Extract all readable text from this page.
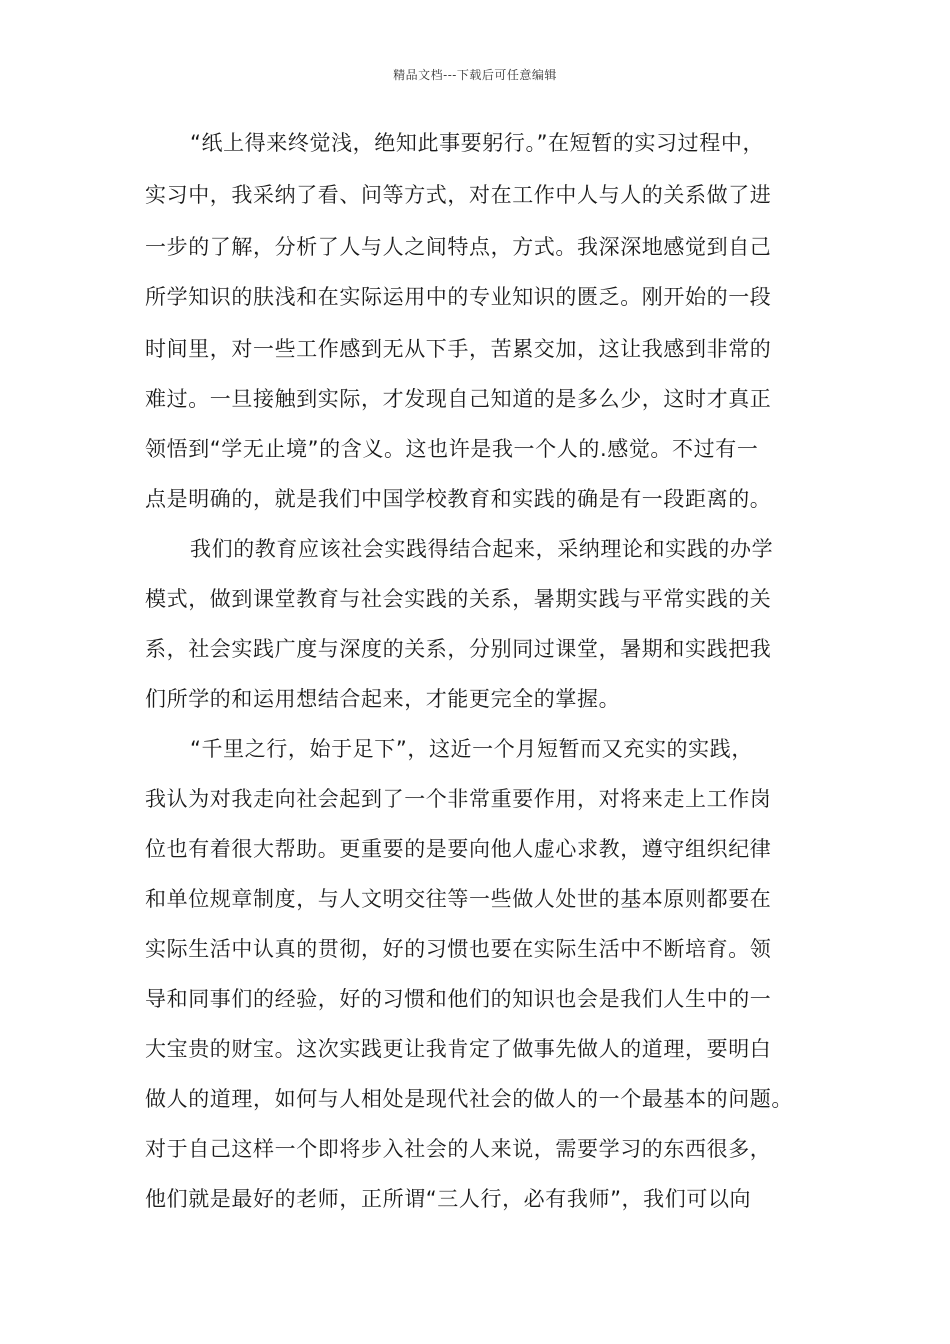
精品文档---下载后可任意编辑
“纸上得来终觉浅，绝知此事要躬行。”在短暂的实习过程中，
实习中，我采纳了看、问等方式，对在工作中人与人的关系做了进
一步的了解，分析了人与人之间特点，方式。我深深地感觉到自己
所学知识的肤浅和在实际运用中的专业知识的匮乏。刚开始的一段
时间里，对一些工作感到无从下手，苦累交加，这让我感到非常的
难过。一旦接触到实际，才发现自己知道的是多么少，这时才真正
领悟到“学无止境”的含义。这也许是我一个人的.感觉。不过有一
点是明确的，就是我们中国学校教育和实践的确是有一段距离的。
我们的教育应该社会实践得结合起来，采纳理论和实践的办学
模式，做到课堂教育与社会实践的关系，暑期实践与平常实践的关
系，社会实践广度与深度的关系，分别同过课堂，暑期和实践把我
们所学的和运用想结合起来，才能更完全的掌握。
“千里之行，始于足下”，这近一个月短暂而又充实的实践，
我认为对我走向社会起到了一个非常重要作用，对将来走上工作岗
位也有着很大帮助。更重要的是要向他人虚心求教，遵守组织纪律
和单位规章制度，与人文明交往等一些做人处世的基本原则都要在
实际生活中认真的贯彻，好的习惯也要在实际生活中不断培育。领
导和同事们的经验，好的习惯和他们的知识也会是我们人生中的一
大宝贵的财宝。这次实践更让我肯定了做事先做人的道理，要明白
做人的道理，如何与人相处是现代社会的做人的一个最基本的问题。
对于自己这样一个即将步入社会的人来说，需要学习的东西很多，
他们就是最好的老师，正所谓“三人行，必有我师”，我们可以向
